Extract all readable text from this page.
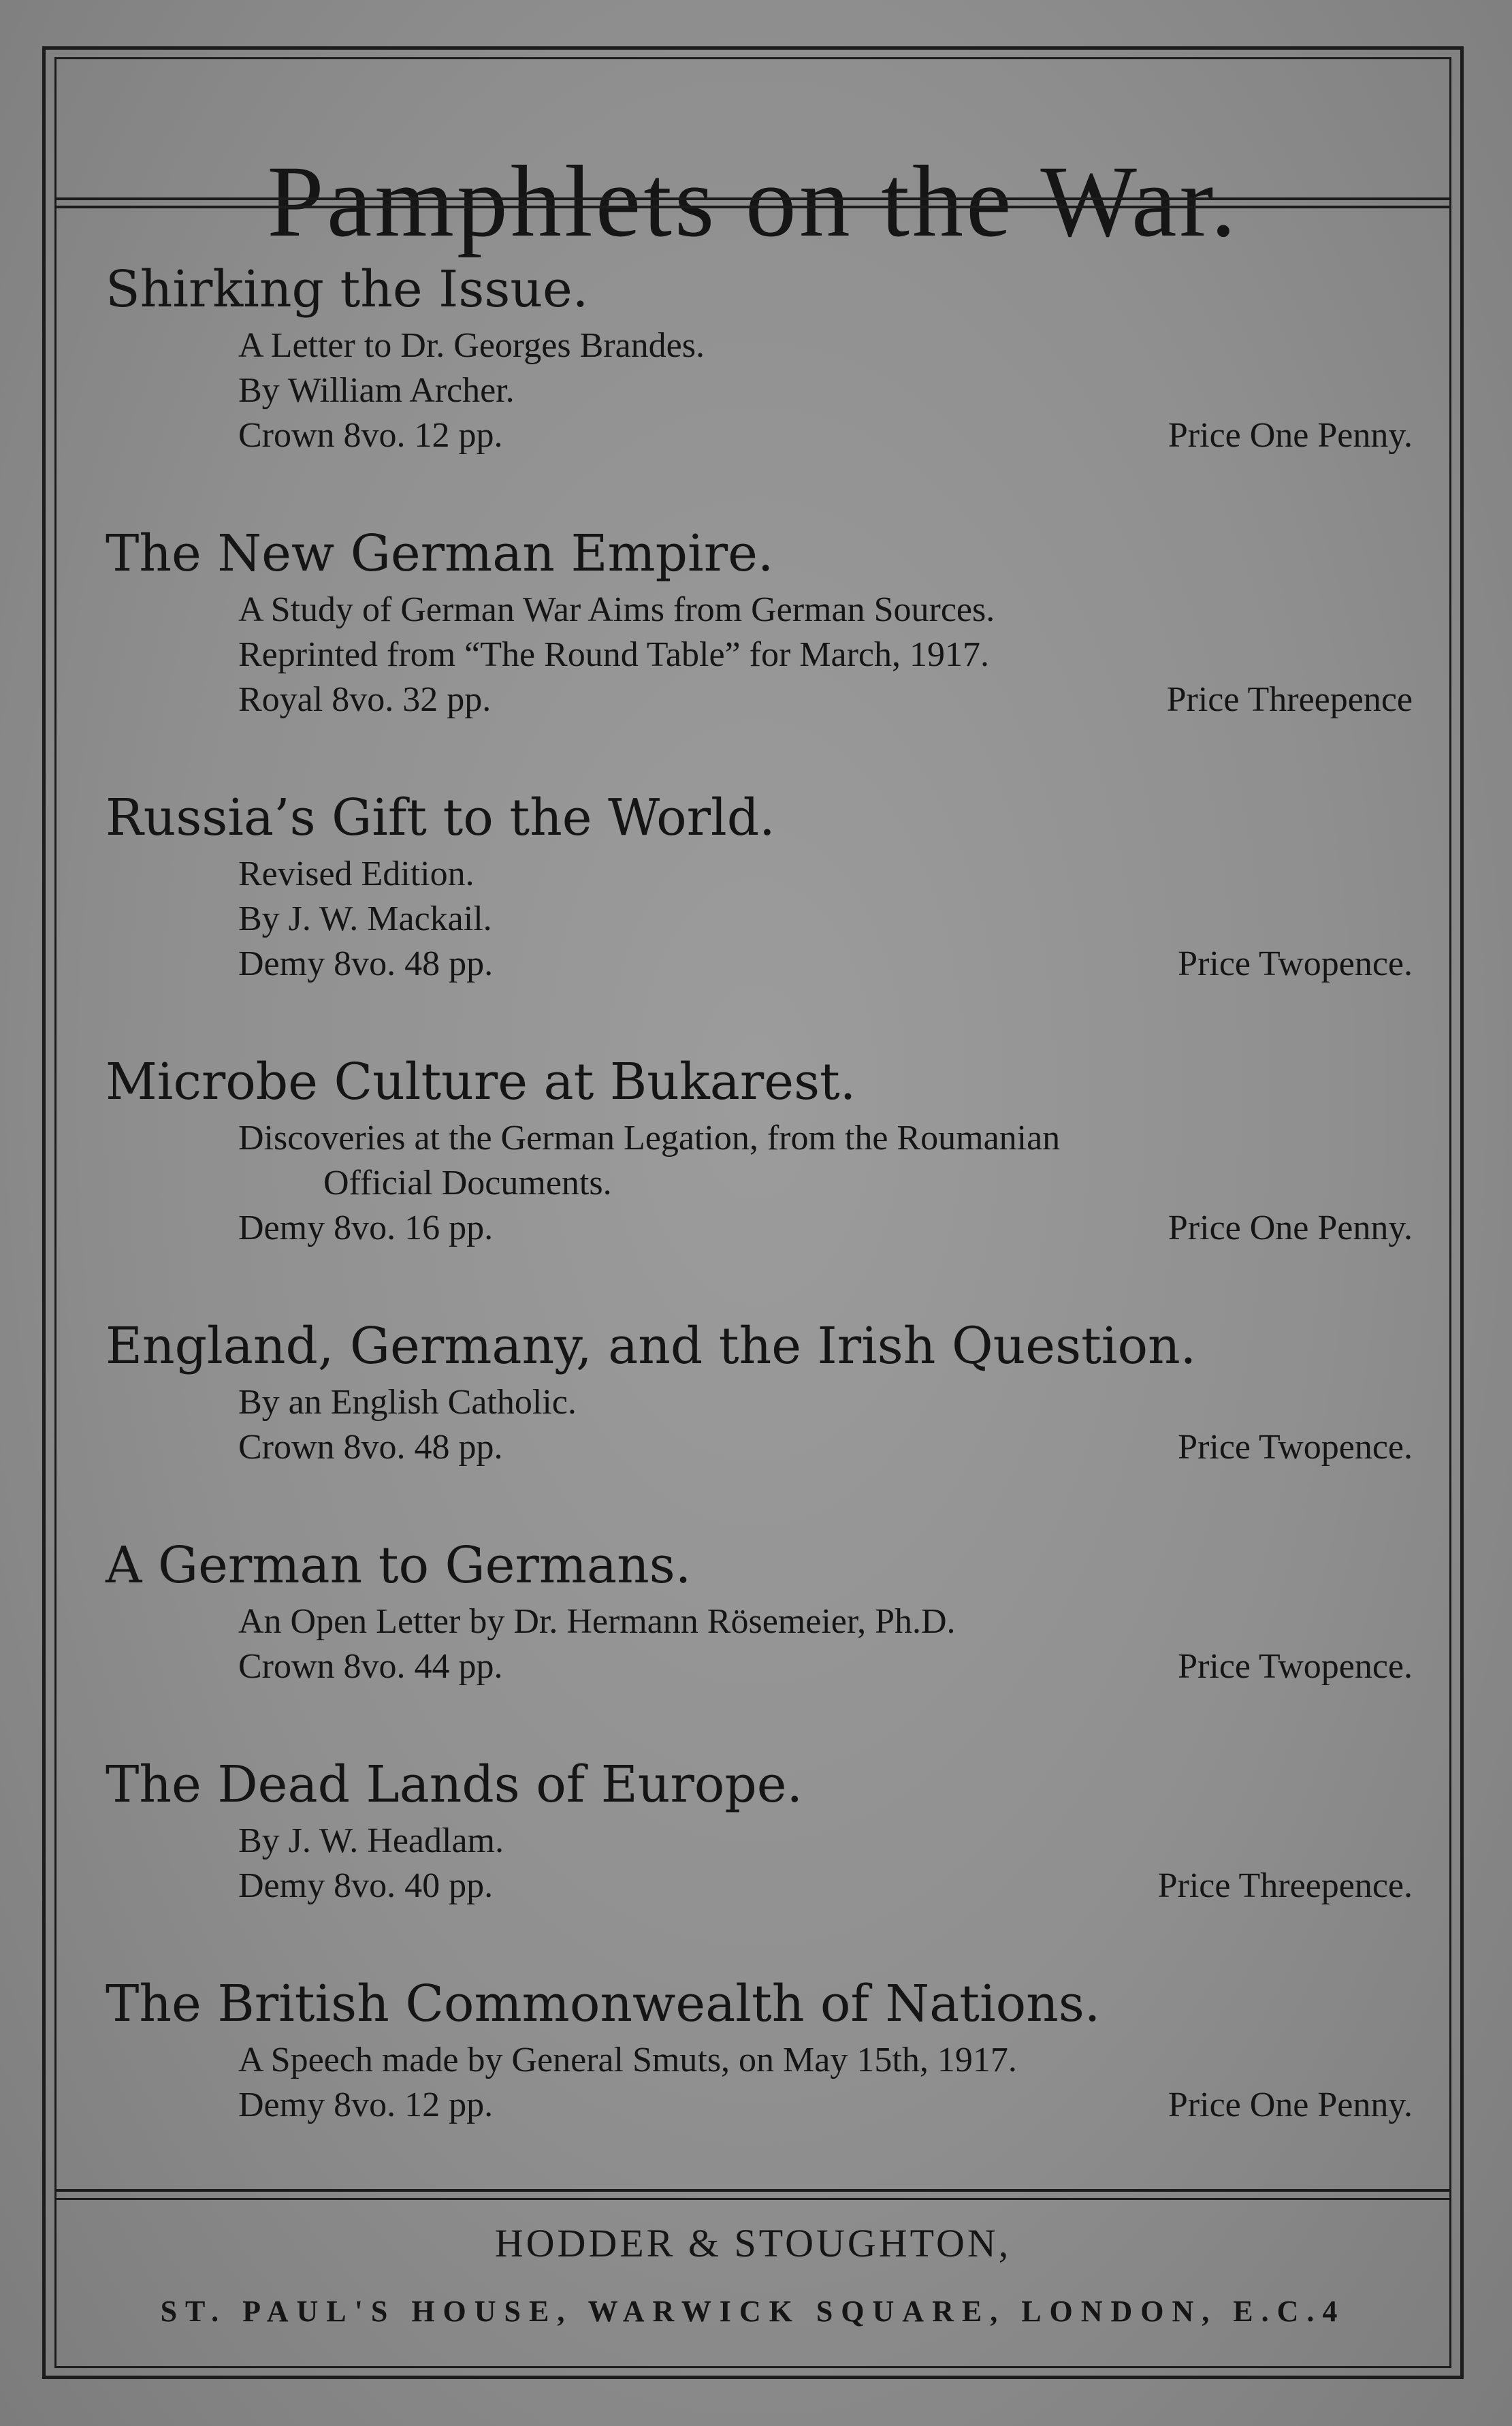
Pamphlets on the War.
Shirking the Issue.
A Letter to Dr. Georges Brandes.
By William Archer.
Crown 8vo. 12 pp.	Price One Penny.
The New German Empire.
A Study of German War Aims from German Sources.
Reprinted from “The Round Table” for March, 1917.
Royal 8vo. 32 pp.	Price Threepence
Russia’s Gift to the World.
Revised Edition.
By J. W. Mackail.
Demy 8vo. 48 pp.	Price Twopence.
Microbe Culture at Bukarest.
Discoveries at the German Legation, from the Roumanian
Official Documents.
Demy 8vo. 16 pp.	Price One Penny.
England, Germany, and the Irish Question.
By an English Catholic.
Crown 8vo. 48 pp.	Price Twopence.
A German to Germans.
An Open Letter by Dr. Hermann Rösemeier, Ph.D.
Crown 8vo. 44 pp.	Price Twopence.
The Dead Lands of Europe.
By J. W. Headlam.
Demy 8vo. 40 pp.	Price Threepence.
The British Commonwealth of Nations.
A Speech made by General Smuts, on May 15th, 1917.
Demy 8vo. 12 pp.	Price One Penny.
HODDER & STOUGHTON,
ST. PAUL'S HOUSE, WARWICK SQUARE, LONDON, E.C.4
